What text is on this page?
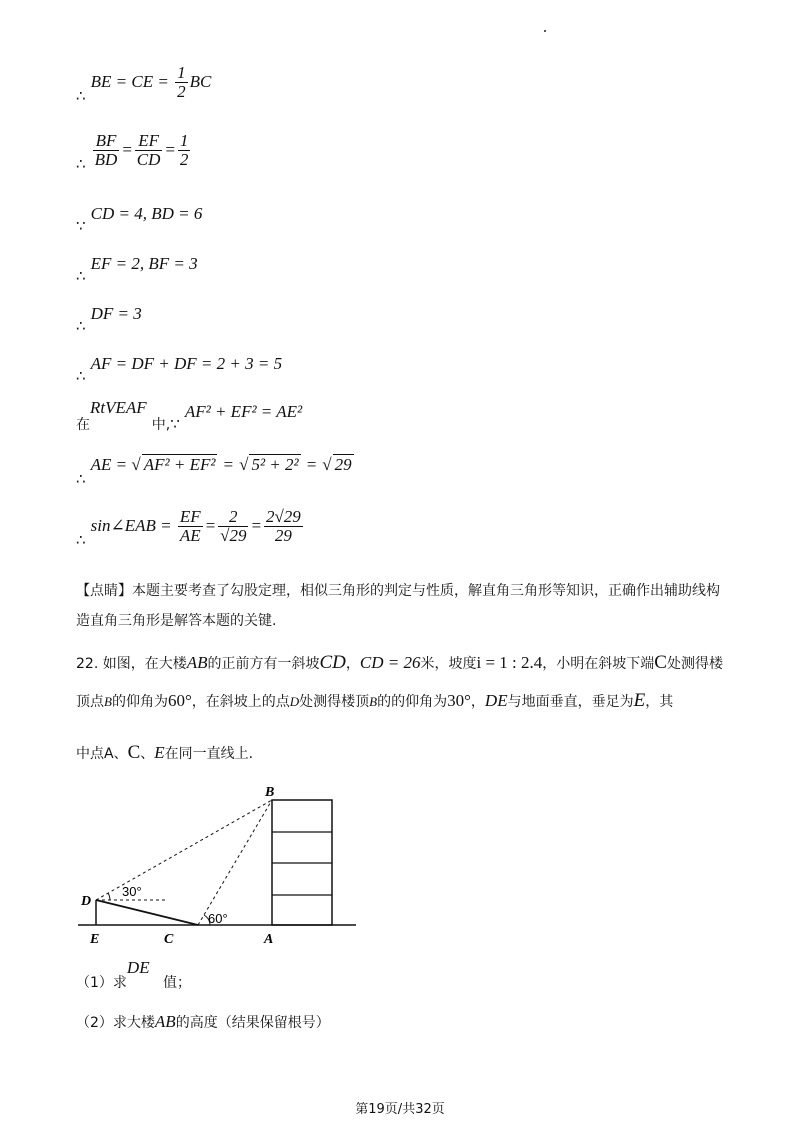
∴ BE = CE = $\frac{1}{2}$ BC
∴ $\frac{BF}{BD} = \frac{EF}{CD} = \frac{1}{2}$
∵ CD = 4, BD = 6
∴ EF = 2, BF = 3
∴ DF = 3
∴ AF = DF + DF = 2 + 3 = 5
在RtVEAF 中,∵ AF² + EF² = AE²
∴ AE = √ AF² + EF² = √ 5² + 2² = √ 29
∴ sin∠EAB = $\frac{EF}{AE} = \frac{2}{√29} = \frac{2√29}{29}$
【点睛】本题主要考查了勾股定理，相似三角形的判定与性质，解直角三角形等知识，正确作出辅助线构
造直角三角形是解答本题的关键.
22. 如图，在大楼AB的正前方有一斜坡CD，CD = 26米，坡度i = 1 : 2.4，小明在斜坡下端C处测得楼
顶点B的仰角为60°，在斜坡上的点D处测得楼顶B的的仰角为30°，DE与地面垂直，垂足为E，其
中点A、C、E在同一直线上.
B
D
E	C	A
30°
60°
（1）求DE   值；
（2）求大楼AB的高度（结果保留根号）
第19页/共32页
